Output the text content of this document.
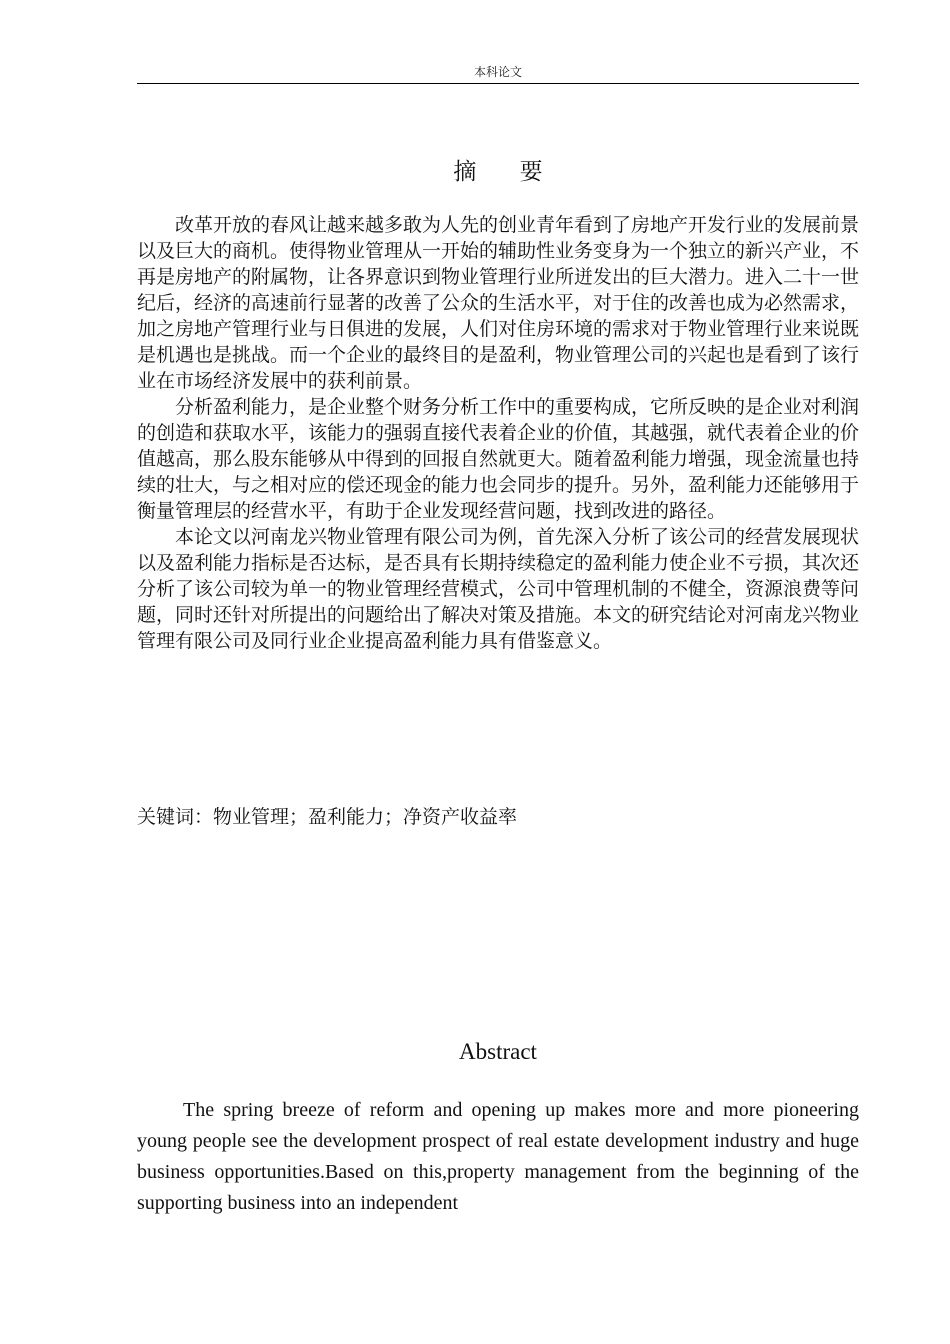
本科论文
摘 要

改革开放的春风让越来越多敢为人先的创业青年看到了房地产开发行业的发展前景以及巨大的商机。使得物业管理从一开始的辅助性业务变身为一个独立的新兴产业，不再是房地产的附属物，让各界意识到物业管理行业所迸发出的巨大潜力。进入二十一世纪后，经济的高速前行显著的改善了公众的生活水平，对于住的改善也成为必然需求，加之房地产管理行业与日俱进的发展，人们对住房环境的需求对于物业管理行业来说既是机遇也是挑战。而一个企业的最终目的是盈利，物业管理公司的兴起也是看到了该行业在市场经济发展中的获利前景。

分析盈利能力，是企业整个财务分析工作中的重要构成，它所反映的是企业对利润的创造和获取水平，该能力的强弱直接代表着企业的价值，其越强，就代表着企业的价值越高，那么股东能够从中得到的回报自然就更大。随着盈利能力增强，现金流量也持续的壮大，与之相对应的偿还现金的能力也会同步的提升。另外，盈利能力还能够用于衡量管理层的经营水平，有助于企业发现经营问题，找到改进的路径。

本论文以河南龙兴物业管理有限公司为例，首先深入分析了该公司的经营发展现状以及盈利能力指标是否达标，是否具有长期持续稳定的盈利能力使企业不亏损，其次还分析了该公司较为单一的物业管理经营模式，公司中管理机制的不健全，资源浪费等问题，同时还针对所提出的问题给出了解决对策及措施。本文的研究结论对河南龙兴物业管理有限公司及同行业企业提高盈利能力具有借鉴意义。

关键词：物业管理；盈利能力；净资产收益率
Abstract

The spring breeze of reform and opening up makes more and more pioneering young people see the development prospect of real estate development industry and huge business opportunities.Based on this,property management from the beginning of the supporting business into an independent
